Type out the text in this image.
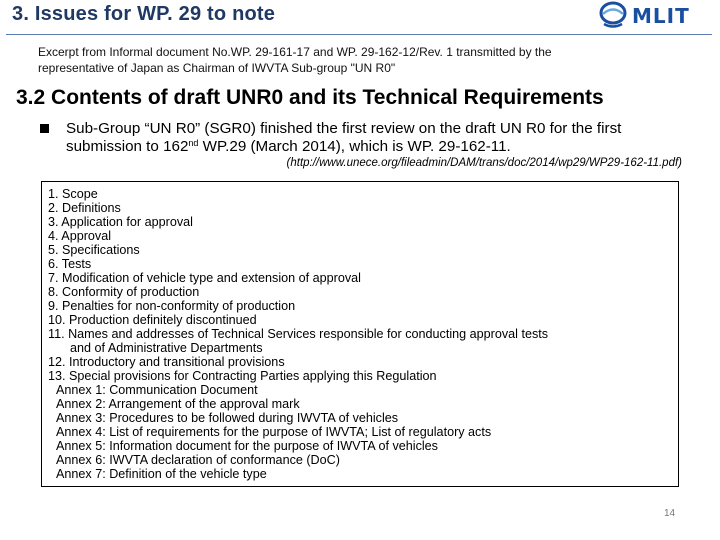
3. Issues for WP. 29 to note	MLIT
Excerpt from Informal document No.WP. 29-161-17 and WP. 29-162-12/Rev. 1 transmitted by the
representative of Japan as Chairman of IWVTA Sub-group "UN R0"
3.2 Contents of draft UNR0 and its Technical Requirements
Sub-Group “UN R0” (SGR0) finished the first review on the draft UN R0 for the first submission to 162nd WP.29 (March 2014), which is WP. 29-162-11.
(http://www.unece.org/fileadmin/DAM/trans/doc/2014/wp29/WP29-162-11.pdf)
1. Scope
2. Definitions
3. Application for approval
4. Approval
5. Specifications
6. Tests
7. Modification of vehicle type and extension of approval
8. Conformity of production
9. Penalties for non-conformity of production
10. Production definitely discontinued
11. Names and addresses of Technical Services responsible for conducting approval tests
and of Administrative Departments
12. Introductory and transitional provisions
13. Special provisions for Contracting Parties applying this Regulation
Annex 1: Communication Document
Annex 2: Arrangement of the approval mark
Annex 3: Procedures to be followed during IWVTA of vehicles
Annex 4: List of requirements for the purpose of IWVTA; List of regulatory acts
Annex 5: Information document for the purpose of IWVTA of vehicles
Annex 6: IWVTA declaration of conformance (DoC)
Annex 7: Definition of the vehicle type
14
